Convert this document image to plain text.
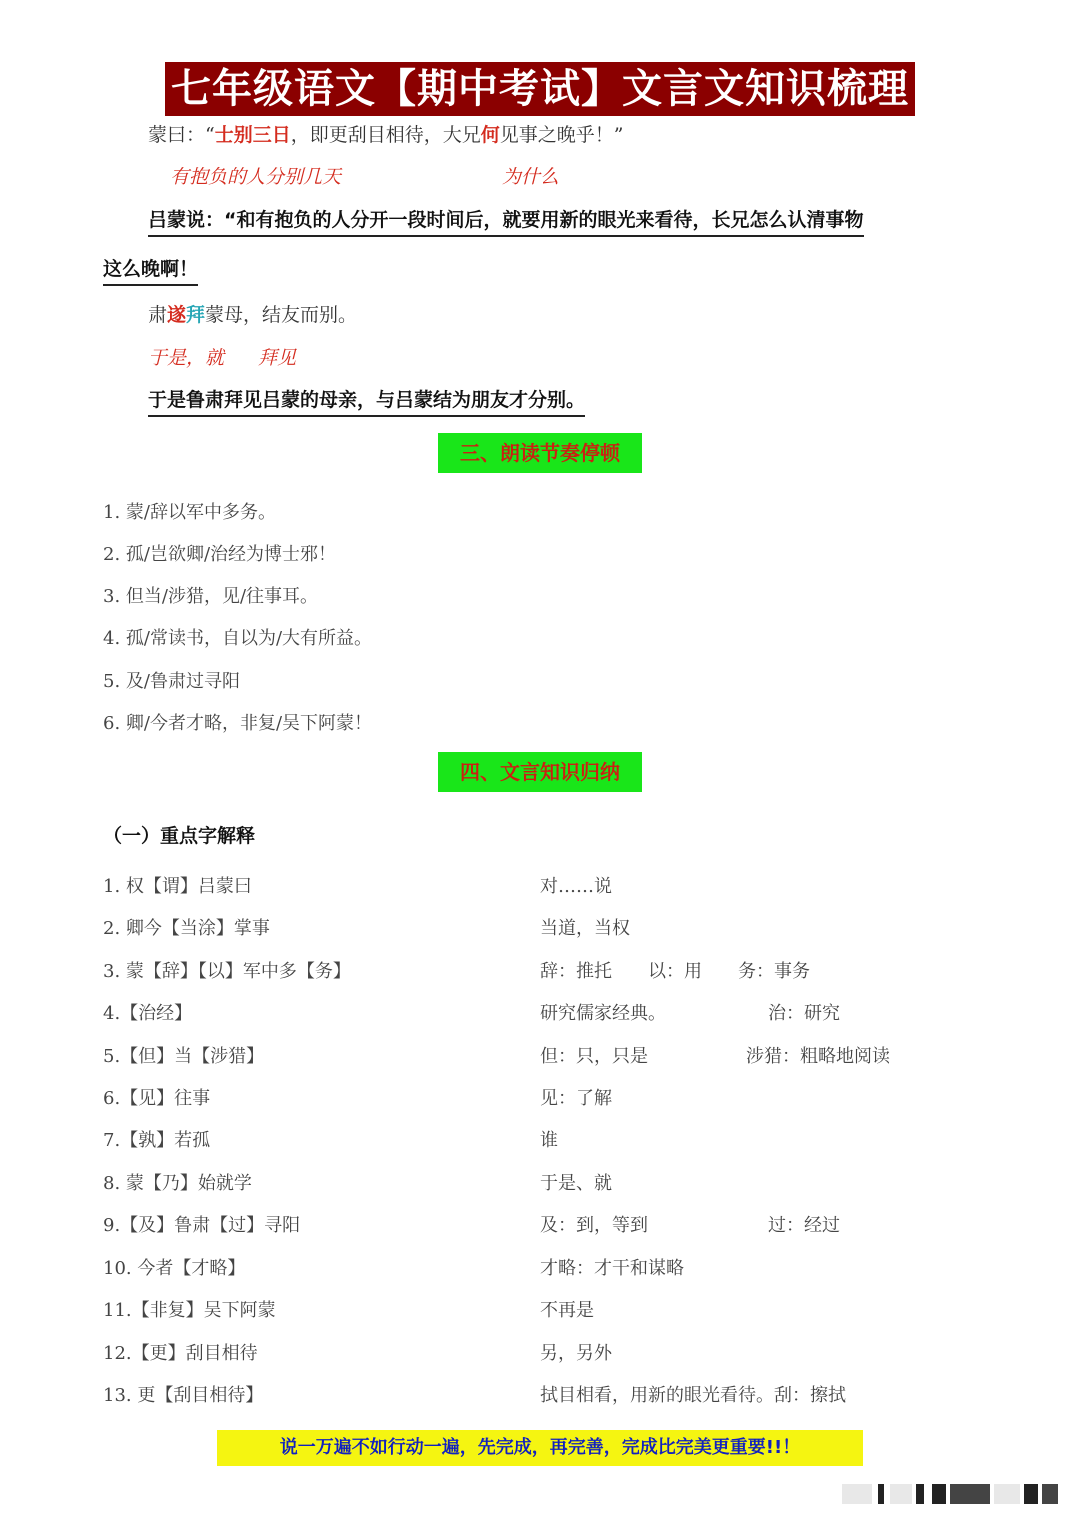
七年级语文【期中考试】文言文知识梳理
蒙曰：“士别三日，即更刮目相待，大兄何见事之晚乎！”
有抱负的人分别几天	为什么
吕蒙说：“和有抱负的人分开一段时间后，就要用新的眼光来看待，长兄怎么认清事物
这么晚啊！
肃遂拜蒙母，结友而别。
于是，就 拜见
于是鲁肃拜见吕蒙的母亲，与吕蒙结为朋友才分别。
三、朗读节奏停顿
1. 蒙/辞以军中多务。
2. 孤/岂欲卿/治经为博士邪！
3. 但当/涉猎，见/往事耳。
4. 孤/常读书，自以为/大有所益。
5. 及/鲁肃过寻阳
6. 卿/今者才略，非复/吴下阿蒙！
四、文言知识归纳
（一）重点字解释
1. 权【谓】吕蒙曰	对……说
2. 卿今【当涂】掌事	当道，当权
3. 蒙【辞】【以】军中多【务】	辞：推托　　以：用　　务：事务
4.【治经】	研究儒家经典。	治：研究
5.【但】当【涉猎】	但：只，只是	涉猎：粗略地阅读
6.【见】往事	见：了解
7.【孰】若孤	谁
8. 蒙【乃】始就学	于是、就
9.【及】鲁肃【过】寻阳	及：到，等到	过：经过
10. 今者【才略】	才略：才干和谋略
11.【非复】吴下阿蒙	不再是
12.【更】刮目相待	另，另外
13. 更【刮目相待】	拭目相看，用新的眼光看待。刮：擦拭
说一万遍不如行动一遍，先完成，再完善，完成比完美更重要!!！
